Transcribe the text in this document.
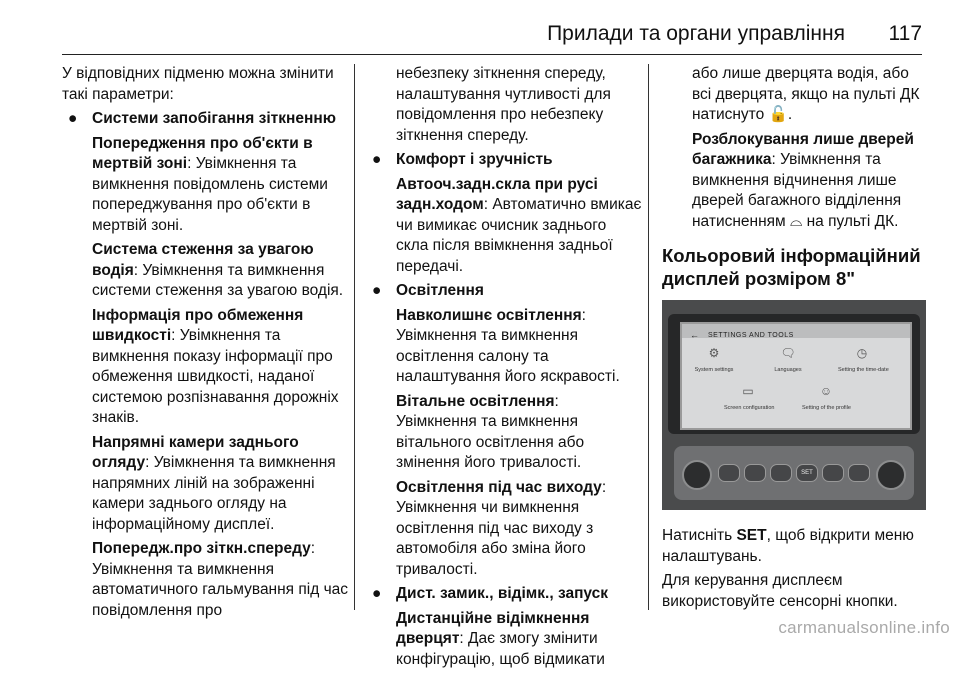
Прилади та органи управління 117

У відповідних підменю можна змінити такі параметри:

● Системи запобігання зіткненню

Попередження про об'єкти в мертвій зоні: Увімкнення та вимкнення повідомлень системи попереджування про об'єкти в мертвій зоні.

Система стеження за увагою водія: Увімкнення та вимкнення системи стеження за увагою водія.

Інформація про обмеження швидкості: Увімкнення та вимкнення показу інформації про обмеження швидкості, наданої системою розпізнавання дорожніх знаків.

Напрямні камери заднього огляду: Увімкнення та вимкнення напрямних ліній на зображенні камери заднього огляду на інформаційному дисплеї.

Попередж.про зіткн.спереду: Увімкнення та вимкнення автоматичного гальмування під час повідомлення про

небезпеку зіткнення спереду, налаштування чутливості для повідомлення про небезпеку зіткнення спереду.

● Комфорт і зручність

Автооч.задн.скла при русі задн.ходом: Автоматично вмикає чи вимикає очисник заднього скла після ввімкнення задньої передачі.

● Освітлення

Навколишнє освітлення: Увімкнення та вимкнення освітлення салону та налаштування його яскравості.

Вітальне освітлення: Увімкнення та вимкнення вітального освітлення або змінення його тривалості.

Освітлення під час виходу: Увімкнення чи вимкнення освітлення під час виходу з автомобіля або зміна його тривалості.

● Дист. замик., відімк., запуск

Дистанційне відімкнення дверцят: Дає змогу змінити конфігурацію, щоб відмикати

або лише дверцята водія, або всі дверцята, якщо на пульті ДК натиснуто 🔓.

Розблокування лише дверей багажника: Увімкнення та вимкнення відчинення лише дверей багажного відділення натисненням ⌓ на пульті ДК.

Кольоровий інформаційний дисплей розміром 8"
← SETTINGS AND TOOLS
⚙
System settings
🗨
Languages
◷
Setting the time-date
▭
Screen configuration
☺
Setting of the profile
SET

Натисніть SET, щоб відкрити меню налаштувань.

Для керування дисплеєм використовуйте сенсорні кнопки.

carmanualsonline.info
